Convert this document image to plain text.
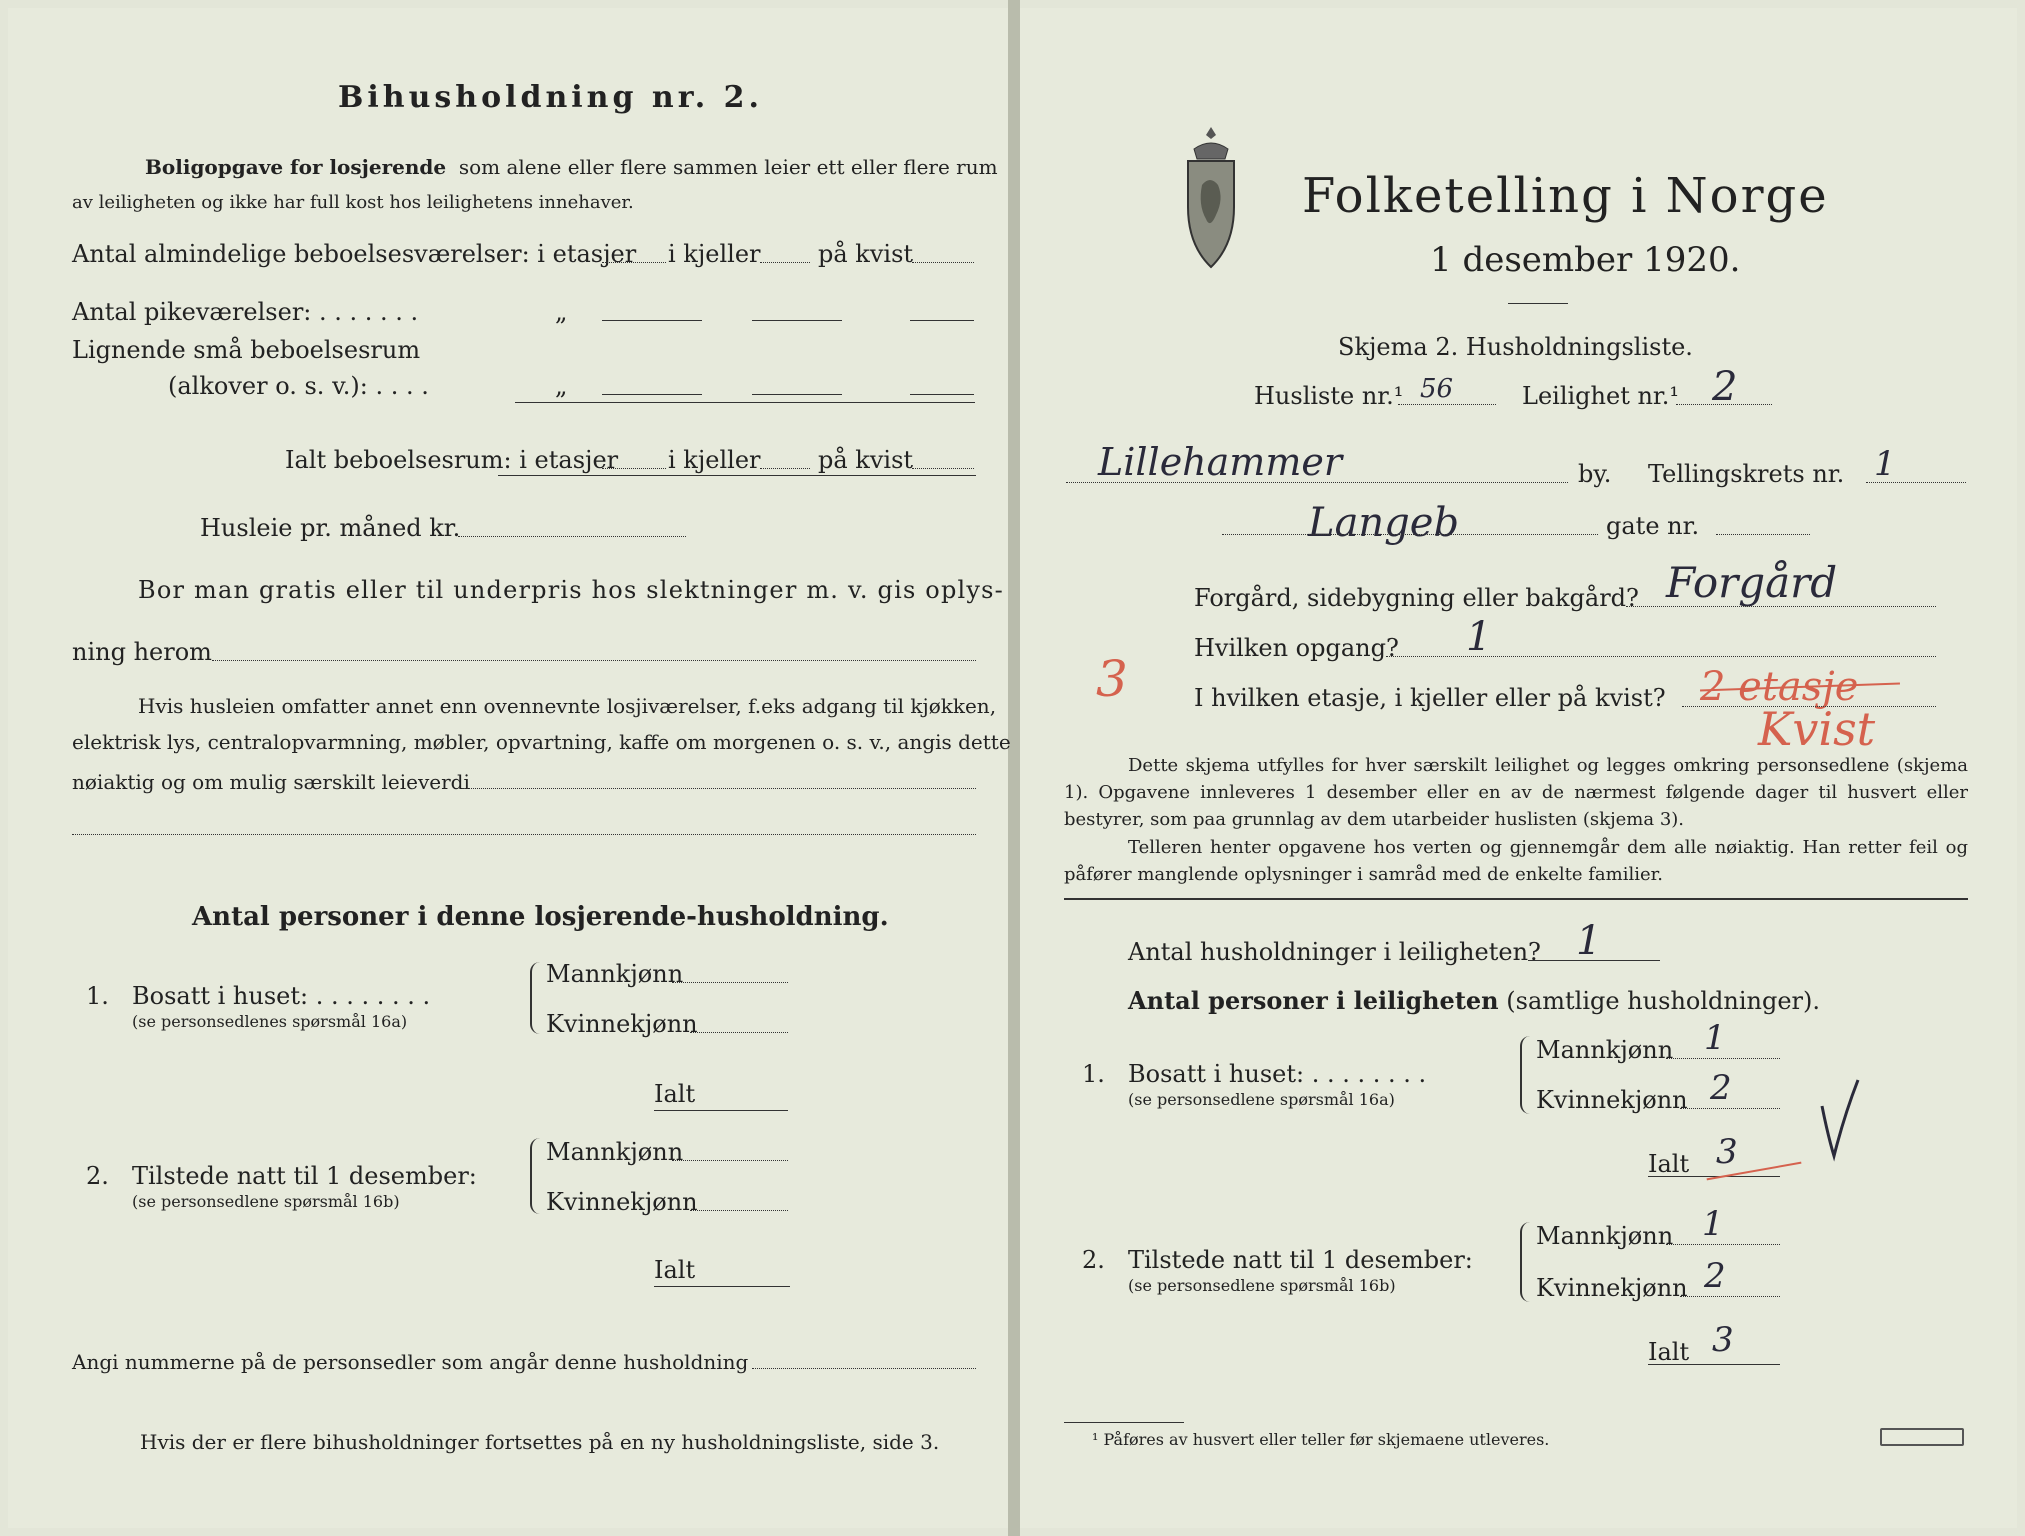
Bihusholdning nr. 2.
Boligopgave for losjerende som alene eller flere sammen leier ett eller flere rum
av leiligheten og ikke har full kost hos leilighetens innehaver.
Antal almindelige beboelsesværelser: i etasjer i kjeller på kvist
Antal pikeværelser: . . . . . . .	„
Lignende små beboelsesrum
(alkover o. s. v.): . . . .	„
Ialt beboelsesrum: i etasjer i kjeller på kvist
Husleie pr. måned kr.
Bor man gratis eller til underpris hos slektninger m. v. gis oplys-
ning herom
Hvis husleien omfatter annet enn ovennevnte losjiværelser, f.eks adgang til kjøkken,
elektrisk lys, centralopvarmning, møbler, opvartning, kaffe om morgenen o. s. v., angis dette
nøiaktig og om mulig særskilt leieverdi
Antal personer i denne losjerende-husholdning.
1. Bosatt i huset: . . . . . . . .
(se personsedlenes spørsmål 16a)
Mannkjønn
Kvinnekjønn
Ialt
2. Tilstede natt til 1 desember:
(se personsedlene spørsmål 16b)
Mannkjønn
Kvinnekjønn
Ialt
Angi nummerne på de personsedler som angår denne husholdning
Hvis der er flere bihusholdninger fortsettes på en ny husholdningsliste, side 3.
Folketelling i Norge
1 desember 1920.
Skjema 2. Husholdningsliste.
Husliste nr.¹ 56	Leilighet nr.¹ 2
Lillehammer	by. Tellingskrets nr. 1
Langeb	gate nr.
Forgård, sidebygning eller bakgård? Forgård
Hvilken opgang? 1
3	I hvilken etasje, i kjeller eller på kvist? 2 etasje
Kvist
Dette skjema utfylles for hver særskilt leilighet og legges omkring personsedlene (skjema 1). Opgavene innleveres 1 desember eller en av de nærmest følgende dager til husvert eller bestyrer, som paa grunnlag av dem utarbeider huslisten (skjema 3).
Telleren henter opgavene hos verten og gjennemgår dem alle nøiaktig. Han retter feil og påfører manglende oplysninger i samråd med de enkelte familier.
Antal husholdninger i leiligheten? 1
Antal personer i leiligheten (samtlige husholdninger).
1. Bosatt i huset: . . . . . . . .
(se personsedlene spørsmål 16a)
Mannkjønn 1
Kvinnekjønn 2
Ialt 3
2. Tilstede natt til 1 desember:
(se personsedlene spørsmål 16b)
Mannkjønn 1
Kvinnekjønn 2
Ialt 3
¹ Påføres av husvert eller teller før skjemaene utleveres.
